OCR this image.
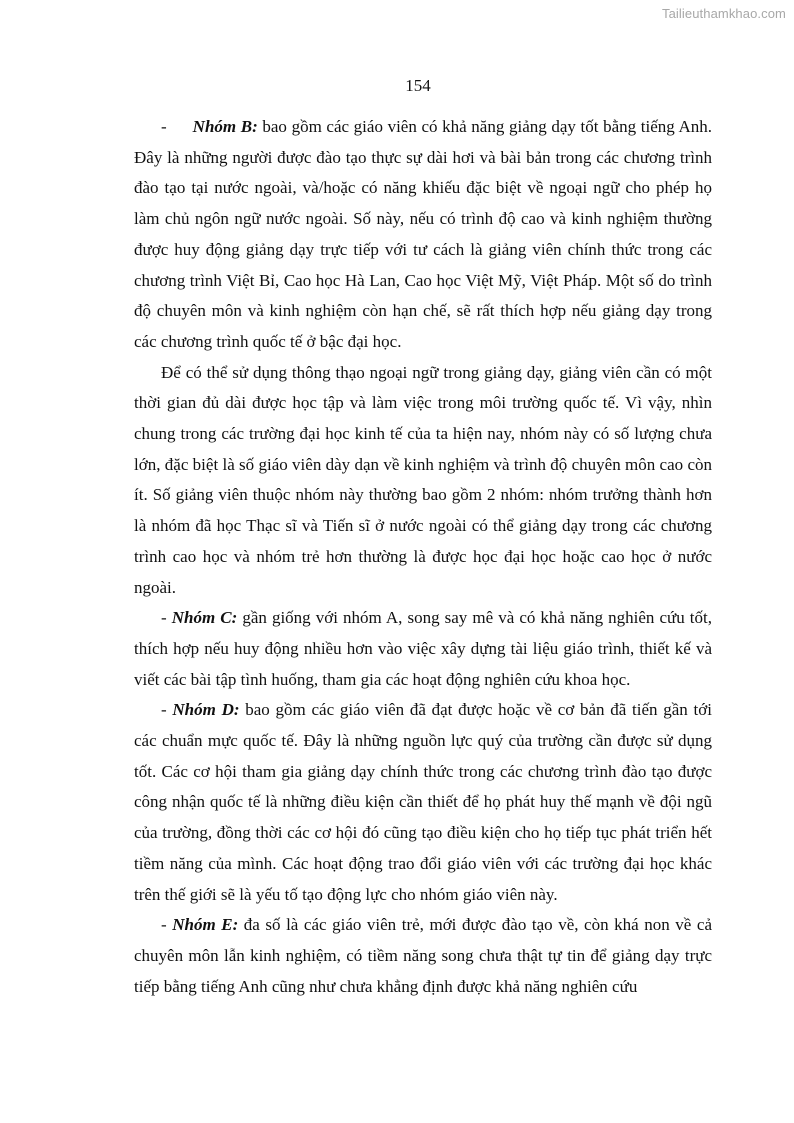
Tailieuthamkhao.com
154

- Nhóm B: bao gồm các giáo viên có khả năng giảng dạy tốt bằng tiếng Anh. Đây là những người được đào tạo thực sự dài hơi và bài bản trong các chương trình đào tạo tại nước ngoài, và/hoặc có năng khiếu đặc biệt về ngoại ngữ cho phép họ làm chủ ngôn ngữ nước ngoài. Số này, nếu có trình độ cao và kinh nghiệm thường được huy động giảng dạy trực tiếp với tư cách là giảng viên chính thức trong các chương trình Việt Bỉ, Cao học Hà Lan, Cao học Việt Mỹ, Việt Pháp. Một số do trình độ chuyên môn và kinh nghiệm còn hạn chế, sẽ rất thích hợp nếu giảng dạy trong các chương trình quốc tế ở bậc đại học.

Để có thể sử dụng thông thạo ngoại ngữ trong giảng dạy, giảng viên cần có một thời gian đủ dài được học tập và làm việc trong môi trường quốc tế. Vì vậy, nhìn chung trong các trường đại học kinh tế của ta hiện nay, nhóm này có số lượng chưa lớn, đặc biệt là số giáo viên dày dạn về kinh nghiệm và trình độ chuyên môn cao còn ít. Số giảng viên thuộc nhóm này thường bao gồm 2 nhóm: nhóm trưởng thành hơn là nhóm đã học Thạc sĩ và Tiến sĩ ở nước ngoài có thể giảng dạy trong các chương trình cao học và nhóm trẻ hơn thường là được học đại học hoặc cao học ở nước ngoài.

- Nhóm C: gần giống với nhóm A, song say mê và có khả năng nghiên cứu tốt, thích hợp nếu huy động nhiều hơn vào việc xây dựng tài liệu giáo trình, thiết kế và viết các bài tập tình huống, tham gia các hoạt động nghiên cứu khoa học.

- Nhóm D: bao gồm các giáo viên đã đạt được hoặc về cơ bản đã tiến gần tới các chuẩn mực quốc tế. Đây là những nguồn lực quý của trường cần được sử dụng tốt. Các cơ hội tham gia giảng dạy chính thức trong các chương trình đào tạo được công nhận quốc tế là những điều kiện cần thiết để họ phát huy thế mạnh về đội ngũ của trường, đồng thời các cơ hội đó cũng tạo điều kiện cho họ tiếp tục phát triển hết tiềm năng của mình. Các hoạt động trao đổi giáo viên với các trường đại học khác trên thế giới sẽ là yếu tố tạo động lực cho nhóm giáo viên này.

- Nhóm E: đa số là các giáo viên trẻ, mới được đào tạo về, còn khá non về cả chuyên môn lẫn kinh nghiệm, có tiềm năng song chưa thật tự tin để giảng dạy trực tiếp bằng tiếng Anh cũng như chưa khẳng định được khả năng nghiên cứu
